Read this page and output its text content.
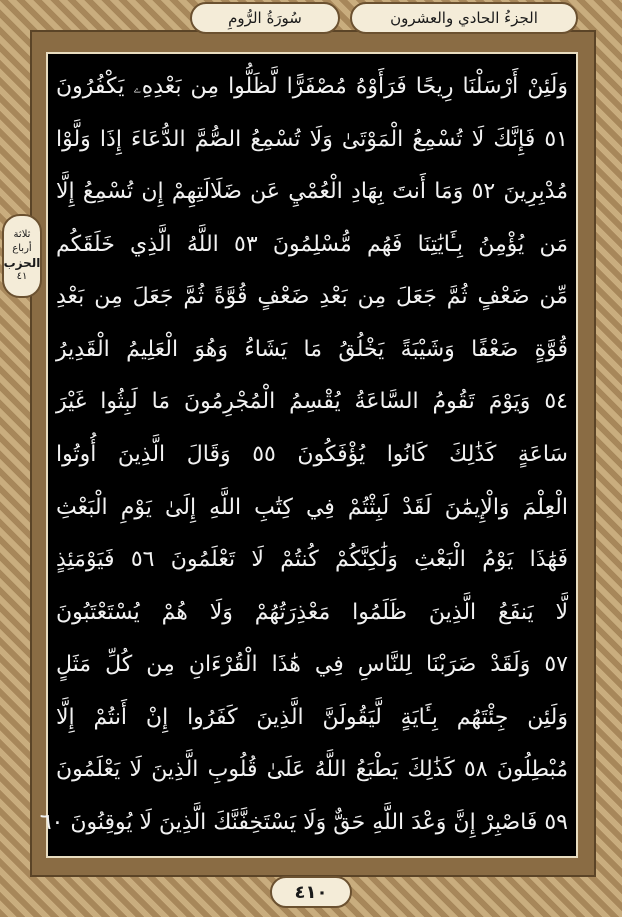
الجزءُ الحادي والعشرون
سُورَةُ الرُّومِ
وَلَئِنْ أَرْسَلْنَا رِيحًا فَرَأَوْهُ مُصْفَرًّا لَّظَلُّوا مِن بَعْدِهِۦ يَكْفُرُونَ
٥١ فَإِنَّكَ لَا تُسْمِعُ الْمَوْتَىٰ وَلَا تُسْمِعُ الصُّمَّ الدُّعَاءَ إِذَا وَلَّوْا
مُدْبِرِينَ ٥٢ وَمَا أَنتَ بِهَادِ الْعُمْيِ عَن ضَلَالَتِهِمْ إِن تُسْمِعُ إِلَّا
مَن يُؤْمِنُ بِـَٔايَٰتِنَا فَهُم مُّسْلِمُونَ ٥٣ اللَّهُ الَّذِي خَلَقَكُم
مِّن ضَعْفٍ ثُمَّ جَعَلَ مِن بَعْدِ ضَعْفٍ قُوَّةً ثُمَّ جَعَلَ مِن بَعْدِ
قُوَّةٍ ضَعْفًا وَشَيْبَةً يَخْلُقُ مَا يَشَاءُ وَهُوَ الْعَلِيمُ الْقَدِيرُ
٥٤ وَيَوْمَ تَقُومُ السَّاعَةُ يُقْسِمُ الْمُجْرِمُونَ مَا لَبِثُوا غَيْرَ
سَاعَةٍ كَذَٰلِكَ كَانُوا يُؤْفَكُونَ ٥٥ وَقَالَ الَّذِينَ أُوتُوا
الْعِلْمَ وَالْإِيمَٰنَ لَقَدْ لَبِثْتُمْ فِي كِتَٰبِ اللَّهِ إِلَىٰ يَوْمِ الْبَعْثِ
فَهَٰذَا يَوْمُ الْبَعْثِ وَلَٰكِنَّكُمْ كُنتُمْ لَا تَعْلَمُونَ ٥٦ فَيَوْمَئِذٍ
لَّا يَنفَعُ الَّذِينَ ظَلَمُوا مَعْذِرَتُهُمْ وَلَا هُمْ يُسْتَعْتَبُونَ
٥٧ وَلَقَدْ ضَرَبْنَا لِلنَّاسِ فِي هَٰذَا الْقُرْءَانِ مِن كُلِّ مَثَلٍ
وَلَئِن جِئْتَهُم بِـَٔايَةٍ لَّيَقُولَنَّ الَّذِينَ كَفَرُوا إِنْ أَنتُمْ إِلَّا
مُبْطِلُونَ ٥٨ كَذَٰلِكَ يَطْبَعُ اللَّهُ عَلَىٰ قُلُوبِ الَّذِينَ لَا يَعْلَمُونَ
٥٩ فَاصْبِرْ إِنَّ وَعْدَ اللَّهِ حَقٌّ وَلَا يَسْتَخِفَّنَّكَ الَّذِينَ لَا يُوقِنُونَ ٦٠
ثلاثة أرباع
الحزب
٤١
٤١٠
